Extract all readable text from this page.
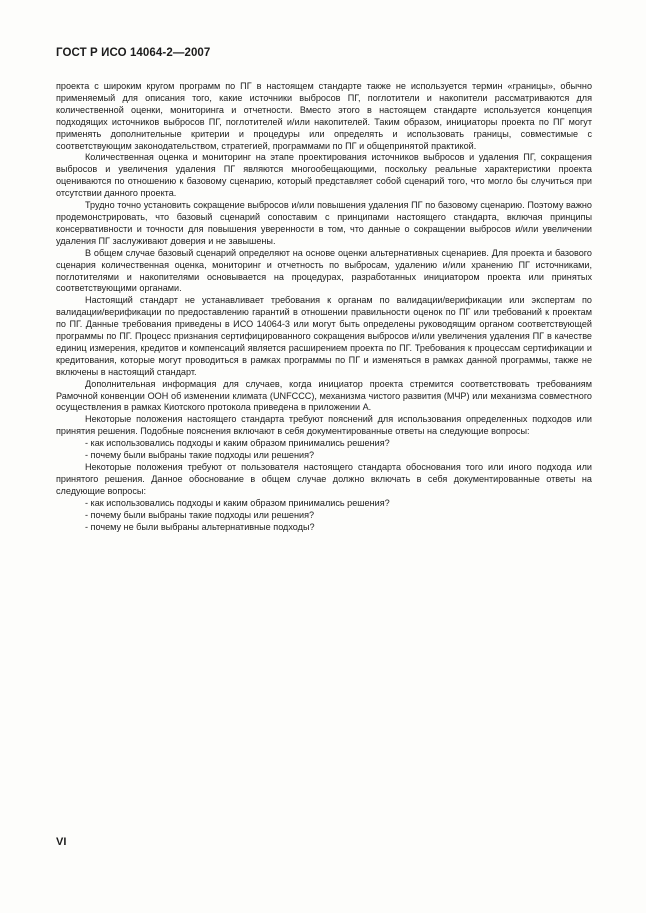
ГОСТ Р ИСО 14064-2—2007

проекта с широким кругом программ по ПГ в настоящем стандарте также не используется термин «границы», обычно применяемый для описания того, какие источники выбросов ПГ, поглотители и накопители рассматриваются для количественной оценки, мониторинга и отчетности. Вместо этого в настоящем стандарте используется концепция подходящих источников выбросов ПГ, поглотителей и/или накопителей. Таким образом, инициаторы проекта по ПГ могут применять дополнительные критерии и процедуры или определять и использовать границы, совместимые с соответствующим законодательством, стратегией, программами по ПГ и общепринятой практикой.

Количественная оценка и мониторинг на этапе проектирования источников выбросов и удаления ПГ, сокращения выбросов и увеличения удаления ПГ являются многообещающими, поскольку реальные характеристики проекта оцениваются по отношению к базовому сценарию, который представляет собой сценарий того, что могло бы случиться при отсутствии данного проекта.

Трудно точно установить сокращение выбросов и/или повышения удаления ПГ по базовому сценарию. Поэтому важно продемонстрировать, что базовый сценарий сопоставим с принципами настоящего стандарта, включая принципы консервативности и точности для повышения уверенности в том, что данные о сокращении выбросов и/или увеличении удаления ПГ заслуживают доверия и не завышены.

В общем случае базовый сценарий определяют на основе оценки альтернативных сценариев. Для проекта и базового сценария количественная оценка, мониторинг и отчетность по выбросам, удалению и/или хранению ПГ источниками, поглотителями и накопителями основывается на процедурах, разработанных инициатором проекта или принятых соответствующими органами.

Настоящий стандарт не устанавливает требования к органам по валидации/верификации или экспертам по валидации/верификации по предоставлению гарантий в отношении правильности оценок по ПГ или требований к проектам по ПГ. Данные требования приведены в ИСО 14064-3 или могут быть определены руководящим органом соответствующей программы по ПГ. Процесс признания сертифицированного сокращения выбросов и/или увеличения удаления ПГ в качестве единиц измерения, кредитов и компенсаций является расширением проекта по ПГ. Требования к процессам сертификации и кредитования, которые могут проводиться в рамках программы по ПГ и изменяться в рамках данной программы, также не включены в настоящий стандарт.

Дополнительная информация для случаев, когда инициатор проекта стремится соответствовать требованиям Рамочной конвенции ООН об изменении климата (UNFCCC), механизма чистого развития (МЧР) или механизма совместного осуществления в рамках Киотского протокола приведена в приложении А.

Некоторые положения настоящего стандарта требуют пояснений для использования определенных подходов или принятия решения. Подобные пояснения включают в себя документированные ответы на следующие вопросы:

- как использовались подходы и каким образом принимались решения?

- почему были выбраны такие подходы или решения?

Некоторые положения требуют от пользователя настоящего стандарта обоснования того или иного подхода или принятого решения. Данное обоснование в общем случае должно включать в себя документированные ответы на следующие вопросы:

- как использовались подходы и каким образом принимались решения?

- почему были выбраны такие подходы или решения?

- почему не были выбраны альтернативные подходы?

VI
